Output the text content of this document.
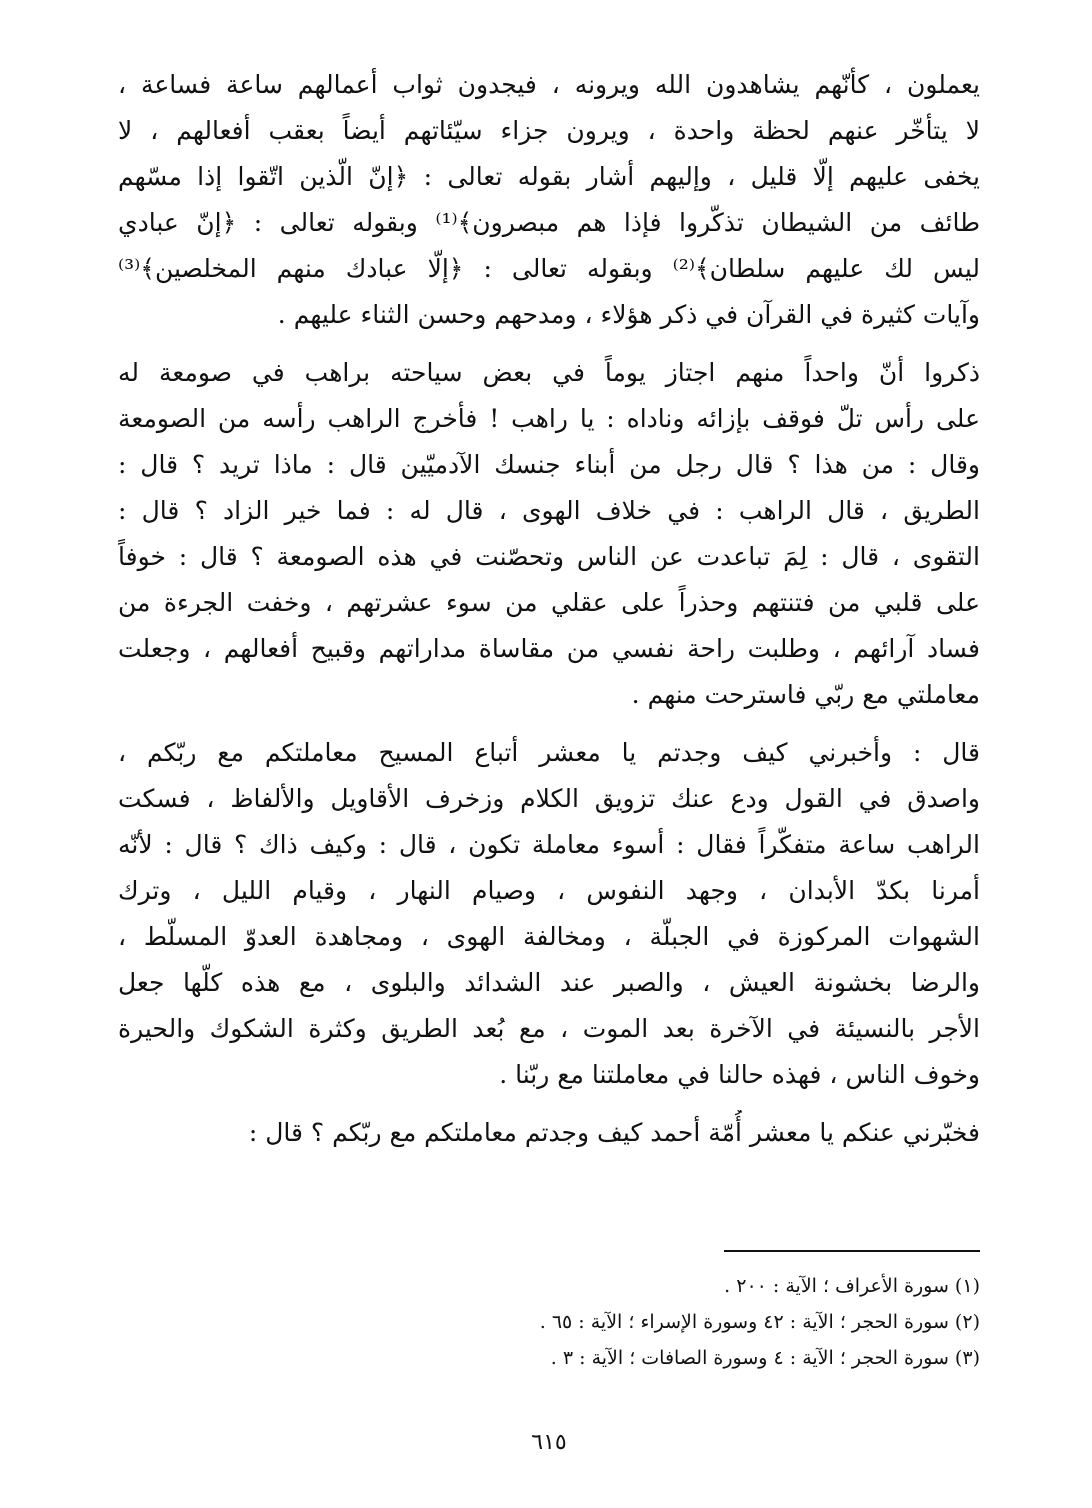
يعملون ، كأنّهم يشاهدون الله ويرونه ، فيجدون ثواب أعمالهم ساعة فساعة ،
لا يتأخّر عنهم لحظة واحدة ، ويرون جزاء سيّئاتهم أيضاً بعقب أفعالهم ، لا
يخفى عليهم إلّا قليل ، وإليهم أشار بقوله تعالى : ﴿إنّ الّذين اتّقوا إذا مسّهم
طائف من الشيطان تذكّروا فإذا هم مبصرون﴾⁽¹⁾ وبقوله تعالى : ﴿إنّ عبادي
ليس لك عليهم سلطان﴾⁽²⁾ وبقوله تعالى : ﴿إلّا عبادك منهم المخلصين﴾⁽³⁾
وآيات كثيرة في القرآن في ذكر هؤلاء ، ومدحهم وحسن الثناء عليهم .
ذكروا أنّ واحداً منهم اجتاز يوماً في بعض سياحته براهب في صومعة له
على رأس تلّ فوقف بإزائه وناداه : يا راهب ! فأخرج الراهب رأسه من الصومعة
وقال : من هذا ؟ قال رجل من أبناء جنسك الآدميّين قال : ماذا تريد ؟ قال :
الطريق ، قال الراهب : في خلاف الهوى ، قال له : فما خير الزاد ؟ قال :
التقوى ، قال : لِمَ تباعدت عن الناس وتحصّنت في هذه الصومعة ؟ قال : خوفاً
على قلبي من فتنتهم وحذراً على عقلي من سوء عشرتهم ، وخفت الجرءة من
فساد آرائهم ، وطلبت راحة نفسي من مقاساة مداراتهم وقبيح أفعالهم ، وجعلت
معاملتي مع ربّي فاسترحت منهم .
قال : وأخبرني كيف وجدتم يا معشر أتباع المسيح معاملتكم مع ربّكم ،
واصدق في القول ودع عنك تزويق الكلام وزخرف الأقاويل والألفاظ ، فسكت
الراهب ساعة متفكّراً فقال : أسوء معاملة تكون ، قال : وكيف ذاك ؟ قال : لأنّه
أمرنا بكدّ الأبدان ، وجهد النفوس ، وصيام النهار ، وقيام الليل ، وترك
الشهوات المركوزة في الجبلّة ، ومخالفة الهوى ، ومجاهدة العدوّ المسلّط ،
والرضا بخشونة العيش ، والصبر عند الشدائد والبلوى ، مع هذه كلّها جعل
الأجر بالنسيئة في الآخرة بعد الموت ، مع بُعد الطريق وكثرة الشكوك والحيرة
وخوف الناس ، فهذه حالنا في معاملتنا مع ربّنا .
فخبّرني عنكم يا معشر أُمّة أحمد كيف وجدتم معاملتكم مع ربّكم ؟ قال :
(١) سورة الأعراف ؛ الآية : ٢٠٠ .
(٢) سورة الحجر ؛ الآية : ٤٢ وسورة الإسراء ؛ الآية : ٦٥ .
(٣) سورة الحجر ؛ الآية : ٤ وسورة الصافات ؛ الآية : ٣ .
٦١٥
